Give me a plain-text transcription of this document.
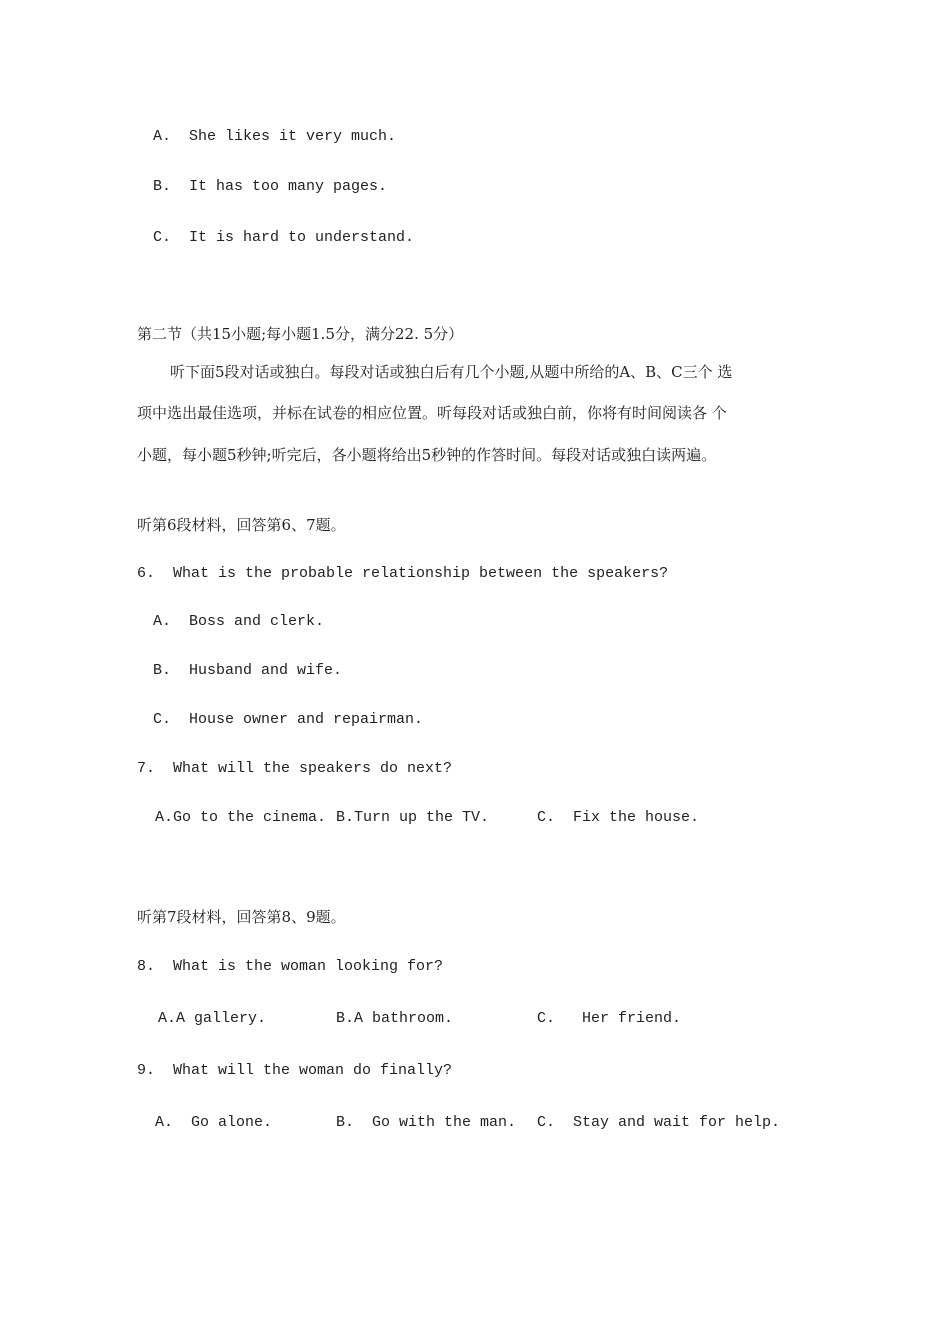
A.  She likes it very much.
B.  It has too many pages.
C.  It is hard to understand.
第二节（共15小题;每小题1.5分，满分22. 5分）
听下面5段对话或独白。每段对话或独白后有几个小题,从题中所给的A、B、C三个 选
项中选出最佳选项，并标在试卷的相应位置。听每段对话或独白前，你将有时间阅读各 个
小题，每小题5秒钟;听完后，各小题将给出5秒钟的作答时间。每段对话或独白读两遍。
听第6段材料，回答第6、7题。
6.  What is the probable relationship between the speakers?
A.  Boss and clerk.
B.  Husband and wife.
C.  House owner and repairman.
7.  What will the speakers do next?
A.Go to the cinema. B.Turn up the TV.	C.  Fix the house.
听第7段材料，回答第8、9题。
8.  What is the woman looking for?
A.A gallery.	B.A bathroom.	C.   Her friend.
9.  What will the woman do finally?
A.  Go alone.	B.  Go with the man. C.  Stay and wait for help.
